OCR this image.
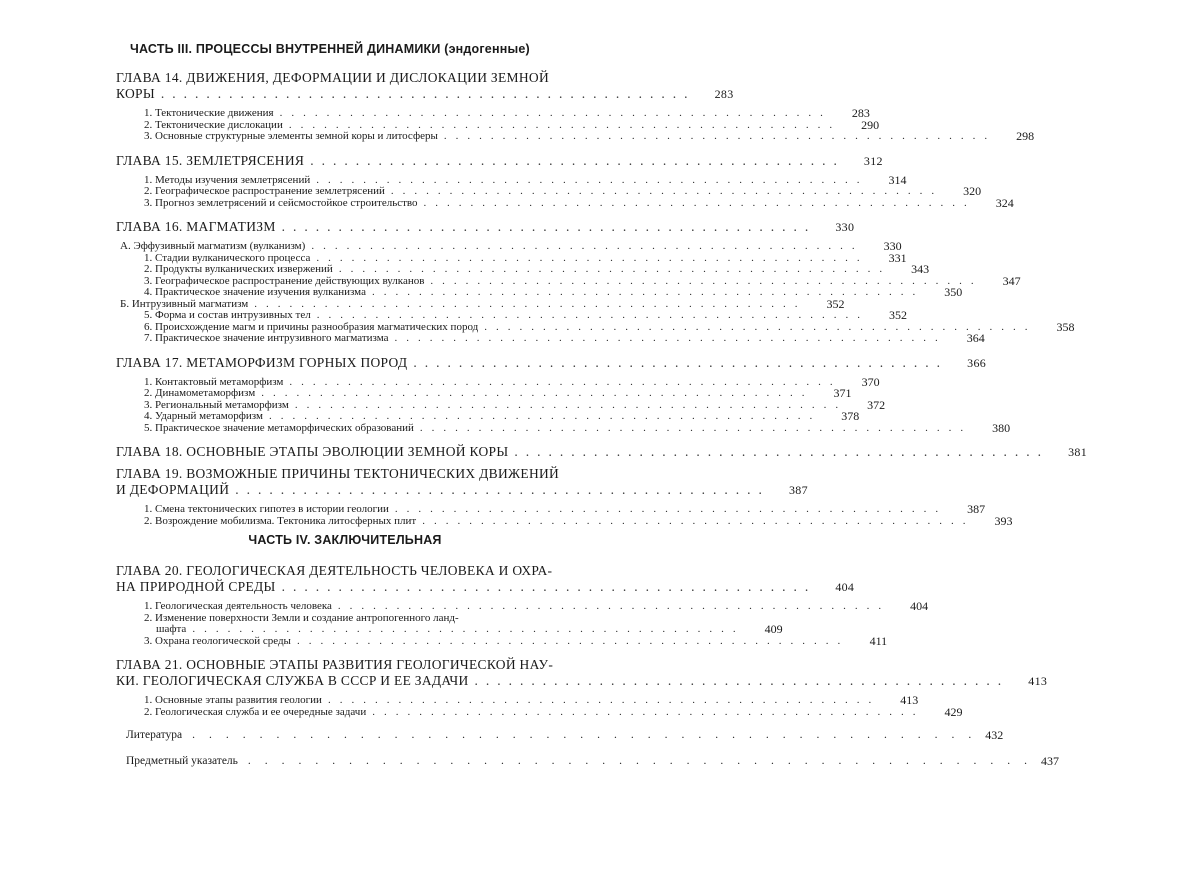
ЧАСТЬ III. ПРОЦЕССЫ ВНУТРЕННЕЙ ДИНАМИКИ (эндогенные)
ГЛАВА 14. ДВИЖЕНИЯ, ДЕФОРМАЦИИ И ДИСЛОКАЦИИ ЗЕМНОЙ
КОРЫ ...............................................	283
1. Тектонические движения ...............................................	283
2. Тектонические дислокации ...............................................	290
3. Основные структурные элементы земной коры и литосферы ...............................................	298
ГЛАВА 15. ЗЕМЛЕТРЯСЕНИЯ ...............................................	312
1. Методы изучения землетрясений ...............................................	314
2. Географическое распространение землетрясений ...............................................	320
3. Прогноз землетрясений и сейсмостойкое строительство ...............................................	324
ГЛАВА 16. МАГМАТИЗМ ...............................................	330
А. Эффузивный магматизм (вулканизм) ...............................................	330
1. Стадии вулканического процесса ...............................................	331
2. Продукты вулканических извержений ...............................................	343
3. Географическое распространение действующих вулканов ...............................................	347
4. Практическое значение изучения вулканизма ...............................................	350
Б. Интрузивный магматизм ...............................................	352
5. Форма и состав интрузивных тел ...............................................	352
6. Происхождение магм и причины разнообразия магматических пород ...............................................	358
7. Практическое значение интрузивного магматизма ...............................................	364
ГЛАВА 17. МЕТАМОРФИЗМ ГОРНЫХ ПОРОД ...............................................	366
1. Контактовый метаморфизм ...............................................	370
2. Динамометаморфизм ...............................................	371
3. Региональный метаморфизм ...............................................	372
4. Ударный метаморфизм ...............................................	378
5. Практическое значение метаморфических образований ...............................................	380
ГЛАВА 18. ОСНОВНЫЕ ЭТАПЫ ЭВОЛЮЦИИ ЗЕМНОЙ КОРЫ ...............................................	381
ГЛАВА 19. ВОЗМОЖНЫЕ ПРИЧИНЫ ТЕКТОНИЧЕСКИХ ДВИЖЕНИЙ
И ДЕФОРМАЦИЙ ...............................................	387
1. Смена тектонических гипотез в истории геологии ...............................................	387
2. Возрождение мобилизма. Тектоника литосферных плит ...............................................	393
ЧАСТЬ IV. ЗАКЛЮЧИТЕЛЬНАЯ
ГЛАВА 20. ГЕОЛОГИЧЕСКАЯ ДЕЯТЕЛЬНОСТЬ ЧЕЛОВЕКА И ОХРА-
НА ПРИРОДНОЙ СРЕДЫ ...............................................	404
1. Геологическая деятельность человека ...............................................	404
2. Изменение поверхности Земли и создание антропогенного ланд-
шафта ...............................................	409
3. Охрана геологической среды ...............................................	411
ГЛАВА 21. ОСНОВНЫЕ ЭТАПЫ РАЗВИТИЯ ГЕОЛОГИЧЕСКОЙ НАУ-
КИ. ГЕОЛОГИЧЕСКАЯ СЛУЖБА В СССР И ЕЕ ЗАДАЧИ ...............................................	413
1. Основные этапы развития геологии ...............................................	413
2. Геологическая служба и ее очередные задачи ...............................................	429
Литература ............................................... 432
Предметный указатель ............................................... 437
